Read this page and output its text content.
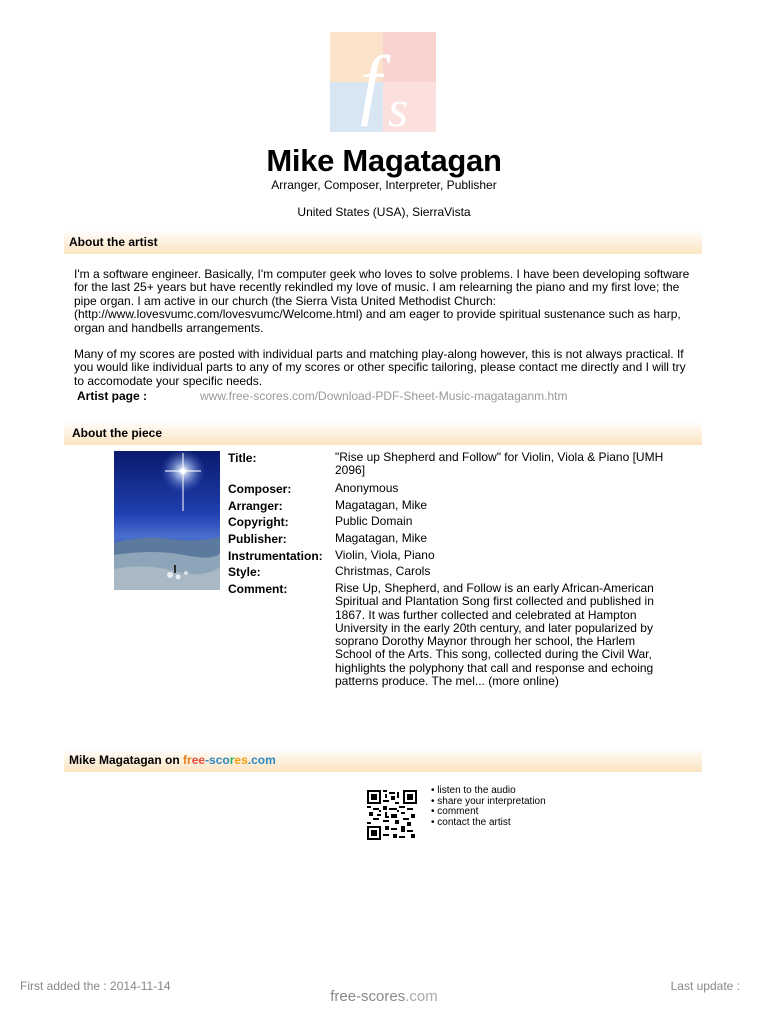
f s
Mike Magatagan
Arranger, Composer, Interpreter, Publisher
United States (USA), SierraVista
About the artist

I'm a software engineer. Basically, I'm computer geek who loves to solve problems. I have been developing software for the last 25+ years but have recently rekindled my love of music. I am relearning the piano and my first love; the pipe organ. I am active in our church (the Sierra Vista United Methodist Church: (http://www.lovesvumc.com/lovesvumc/Welcome.html) and am eager to provide spiritual sustenance such as harp, organ and handbells arrangements.

Many of my scores are posted with individual parts and matching play-along however, this is not always practical. If you would like individual parts to any of my scores or other specific tailoring, please contact me directly and I will try to accomodate your specific needs.

Artist page :	www.free-scores.com/Download-PDF-Sheet-Music-magataganm.htm
About the piece
Title:	"Rise up Shepherd and Follow" for Violin, Viola & Piano [UMH 2096]
Composer:	Anonymous
Arranger:	Magatagan, Mike
Copyright:	Public Domain
Publisher:	Magatagan, Mike
Instrumentation: Violin, Viola, Piano
Style:	Christmas, Carols
Comment:	Rise Up, Shepherd, and Follow is an early African-American Spiritual and Plantation Song first collected and published in 1867. It was further collected and celebrated at Hampton University in the early 20th century, and later popularized by soprano Dorothy Maynor through her school, the Harlem School of the Arts. This song, collected during the Civil War, highlights the polyphony that call and response and echoing patterns produce. The mel... (more online)
Mike Magatagan on free-scores.com
• listen to the audio
• share your interpretation
• comment
• contact the artist
First added the : 2014-11-14	Last update :
free-scores.com
